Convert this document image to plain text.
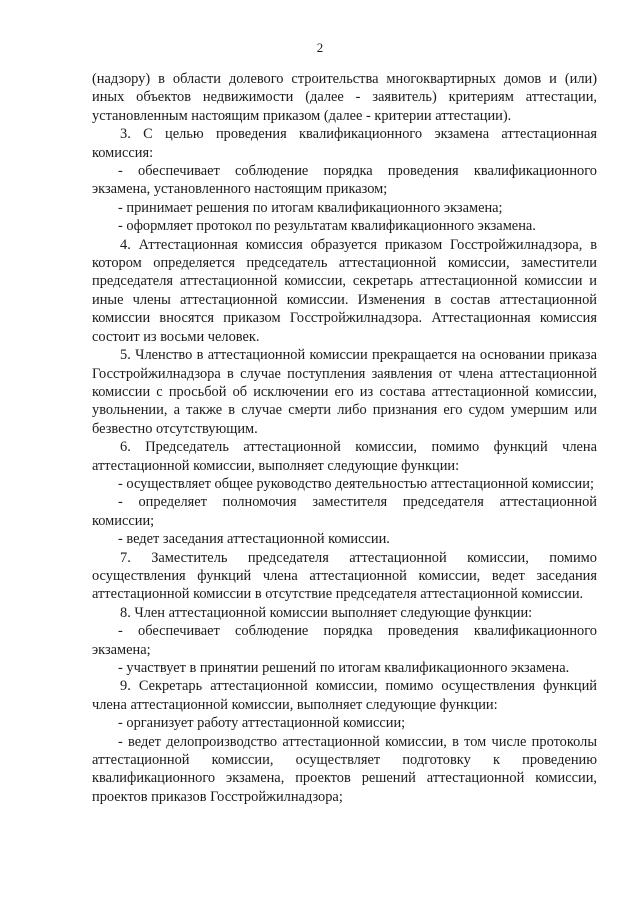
2

(надзору) в области долевого строительства многоквартирных домов и (или) иных объектов недвижимости (далее - заявитель) критериям аттестации, установленным настоящим приказом (далее - критерии аттестации).

3. С целью проведения квалификационного экзамена аттестационная комиссия:

- обеспечивает соблюдение порядка проведения квалификационного экзамена, установленного настоящим приказом;

- принимает решения по итогам квалификационного экзамена;

- оформляет протокол по результатам квалификационного экзамена.

4. Аттестационная комиссия образуется приказом Госстройжилнадзора, в котором определяется председатель аттестационной комиссии, заместители председателя аттестационной комиссии, секретарь аттестационной комиссии и иные члены аттестационной комиссии. Изменения в состав аттестационной комиссии вносятся приказом Госстройжилнадзора. Аттестационная комиссия состоит из восьми человек.

5. Членство в аттестационной комиссии прекращается на основании приказа Госстройжилнадзора в случае поступления заявления от члена аттестационной комиссии с просьбой об исключении его из состава аттестационной комиссии, увольнении, а также в случае смерти либо признания его судом умершим или безвестно отсутствующим.

6. Председатель аттестационной комиссии, помимо функций члена аттестационной комиссии, выполняет следующие функции:

- осуществляет общее руководство деятельностью аттестационной комиссии;

- определяет полномочия заместителя председателя аттестационной комиссии;

- ведет заседания аттестационной комиссии.

7. Заместитель председателя аттестационной комиссии, помимо осуществления функций члена аттестационной комиссии, ведет заседания аттестационной комиссии в отсутствие председателя аттестационной комиссии.

8. Член аттестационной комиссии выполняет следующие функции:

- обеспечивает соблюдение порядка проведения квалификационного экзамена;

- участвует в принятии решений по итогам квалификационного экзамена.

9. Секретарь аттестационной комиссии, помимо осуществления функций члена аттестационной комиссии, выполняет следующие функции:

- организует работу аттестационной комиссии;

- ведет делопроизводство аттестационной комиссии, в том числе протоколы аттестационной комиссии, осуществляет подготовку к проведению квалификационного экзамена, проектов решений аттестационной комиссии, проектов приказов Госстройжилнадзора;
